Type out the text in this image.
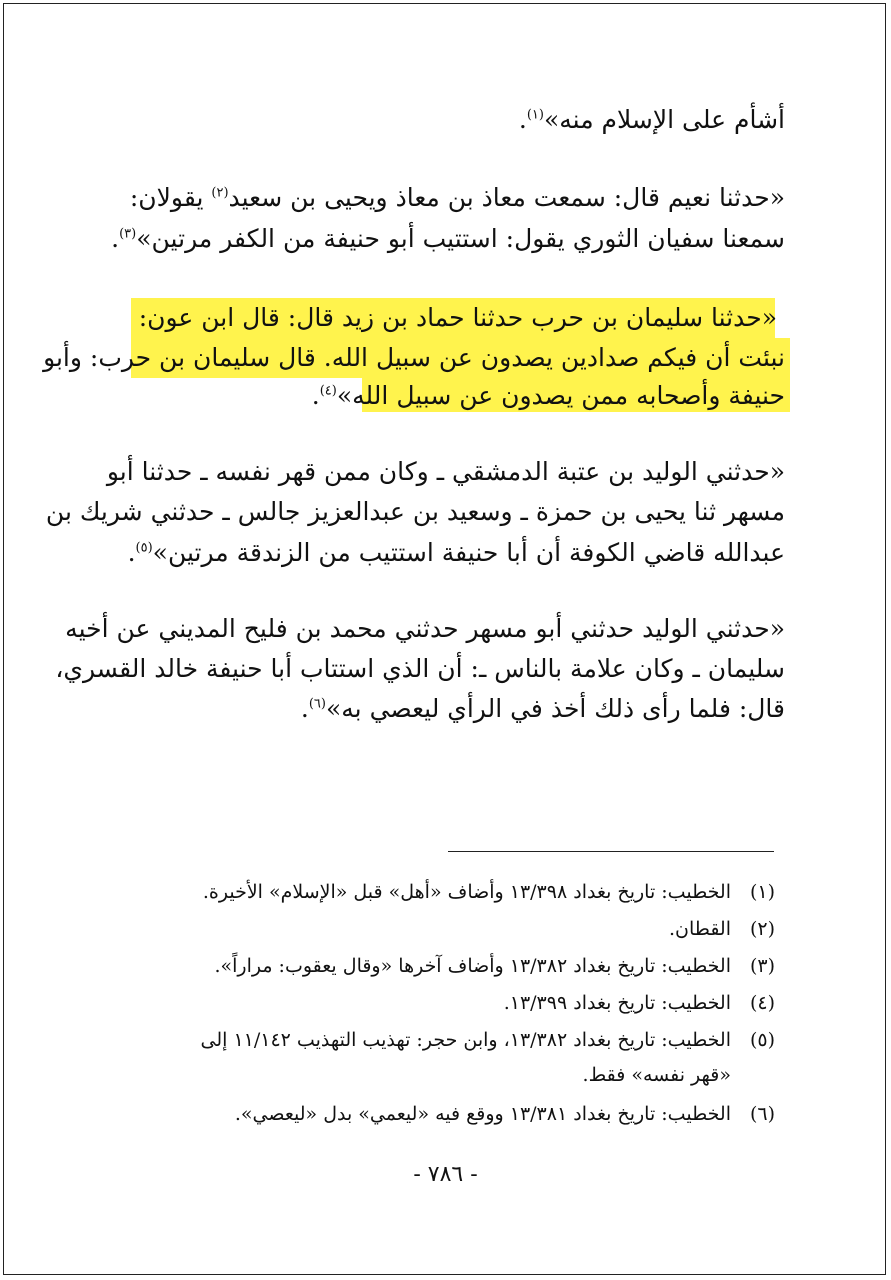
أشأم على الإسلام منه»$^{(١)}$.
«حدثنا نعيم قال: سمعت معاذ بن معاذ ويحيى بن سعيد$^{(٢)}$ يقولان:
سمعنا سفيان الثوري يقول: استتيب أبو حنيفة من الكفر مرتين»$^{(٣)}$.
«حدثنا سليمان بن حرب حدثنا حماد بن زيد قال: قال ابن عون:
نبئت أن فيكم صدادين يصدون عن سبيل الله. قال سليمان بن حرب: وأبو
حنيفة وأصحابه ممن يصدون عن سبيل الله»$^{(٤)}$.
«حدثني الوليد بن عتبة الدمشقي ـ وكان ممن قهر نفسه ـ حدثنا أبو
مسهر ثنا يحيى بن حمزة ـ وسعيد بن عبدالعزيز جالس ـ حدثني شريك بن
عبدالله قاضي الكوفة أن أبا حنيفة استتيب من الزندقة مرتين»$^{(٥)}$.
«حدثني الوليد حدثني أبو مسهر حدثني محمد بن فليح المديني عن أخيه
سليمان ـ وكان علامة بالناس ـ: أن الذي استتاب أبا حنيفة خالد القسري،
قال: فلما رأى ذلك أخذ في الرأي ليعصي به»$^{(٦)}$.
(١)الخطيب: تاريخ بغداد ١٣/٣٩٨ وأضاف «أهل» قبل «الإسلام» الأخيرة.
(٢)القطان.
(٣)الخطيب: تاريخ بغداد ١٣/٣٨٢ وأضاف آخرها «وقال يعقوب: مراراً».
(٤)الخطيب: تاريخ بغداد ١٣/٣٩٩.
(٥)الخطيب: تاريخ بغداد ١٣/٣٨٢، وابن حجر: تهذيب التهذيب ١١/١٤٢ إلى
«قهر نفسه» فقط.
(٦)الخطيب: تاريخ بغداد ١٣/٣٨١ ووقع فيه «ليعمي» بدل «ليعصي».
- ٧٨٦ -
